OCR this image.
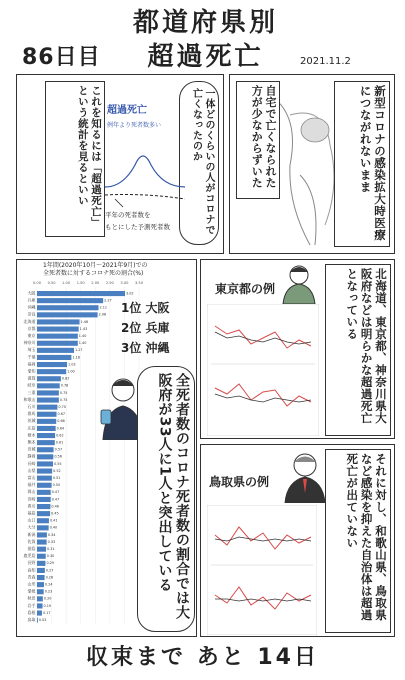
86日目
都道府県別
超過死亡	2021.11.2
これを知るには「超過死亡」という統計を見るといい	一体どのくらいの人がコロナで亡くなったのか
超過死亡
例年より死者数多い
平年の死者数を
もとにした予測死者数
自宅で亡くなられた方が少なからずいた	新型コロナの感染拡大時医療につながれないまま
1年間(2020年10月〜2021年9月)での
全死者数に対するコロナ死の割合(%)
0.00 0.50 1.00 1.50 2.00 2.50 3.00 3.50
大阪	3.02
兵庫	2.27
沖縄	2.11
奈良	2.08
北海道	1.46
京都	1.43
東京	1.40
神奈川	1.40
埼玉	1.27
千葉	1.18
福岡	1.03
愛知	1.00
滋賀	0.82
岐阜	0.78
三重	0.75
和歌山	0.75
石川	0.70
群馬	0.67
茨城	0.66
広島	0.64
栃木	0.62
熊本	0.61
宮城	0.57
静岡	0.56
長崎	0.55
山梨	0.52
富山	0.51
福井	0.50
岡山	0.47
宮崎	0.47
香川	0.46
福島	0.45
山口	0.41
大分	0.40
新潟	0.34
佐賀	0.33
徳島	0.31
鹿児島	0.30
長野	0.29
高知	0.27
青森	0.26
山形	0.24
愛媛	0.23
秋田 0.20
岩手 0.19
島根 0.17
鳥取 0.03
1位 大阪
2位 兵庫
3位 沖縄
全死者数のコロナ死者数の割合では大阪府が33人に1人と突出している
東京都の例	北海道、東京都、神奈川県大阪府などは明らかな超過死亡となっている
鳥取県の例	それに対し、和歌山県、鳥取県など感染を抑えた自治体は超過死亡が出ていない
収束まで あと 14日
